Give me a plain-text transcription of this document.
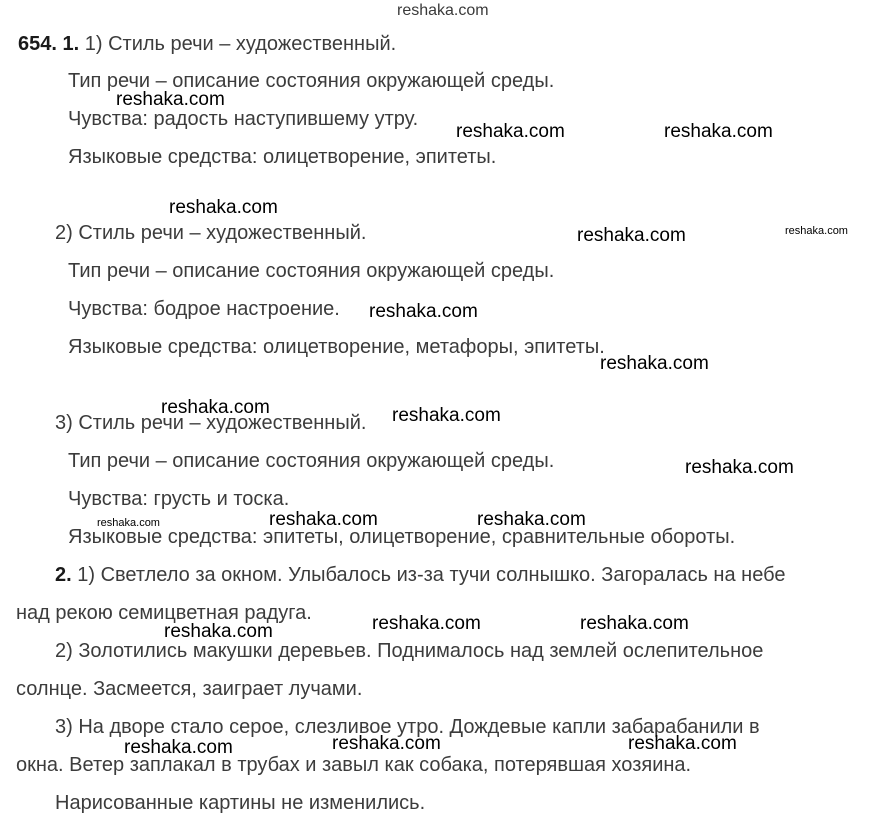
654. 1. 1) Стиль речи – художественный.
Тип речи – описание состояния окружающей среды.
Чувства: радость наступившему утру.
Языковые средства: олицетворение, эпитеты.
2) Стиль речи – художественный.
Тип речи – описание состояния окружающей среды.
Чувства: бодрое настроение.
Языковые средства: олицетворение, метафоры, эпитеты.
3) Стиль речи – художественный.
Тип речи – описание состояния окружающей среды.
Чувства: грусть и тоска.
Языковые средства: эпитеты, олицетворение, сравнительные обороты.
2. 1) Светлело за окном. Улыбалось из-за тучи солнышко. Загоралась на небе
над рекою семицветная радуга.
2) Золотились макушки деревьев. Поднималось над землей ослепительное
солнце. Засмеется, заиграет лучами.
3) На дворе стало серое, слезливое утро. Дождевые капли забарабанили в
окна. Ветер заплакал в трубах и завыл как собака, потерявшая хозяина.
Нарисованные картины не изменились.
reshaka.com
reshaka.com
reshaka.com	reshaka.com
reshaka.com
reshaka.com	reshaka.com
reshaka.com
reshaka.com
reshaka.com	reshaka.com
reshaka.com
reshaka.com	reshaka.com	reshaka.com
reshaka.com	reshaka.com
reshaka.com
reshaka.com	reshaka.com	reshaka.com
